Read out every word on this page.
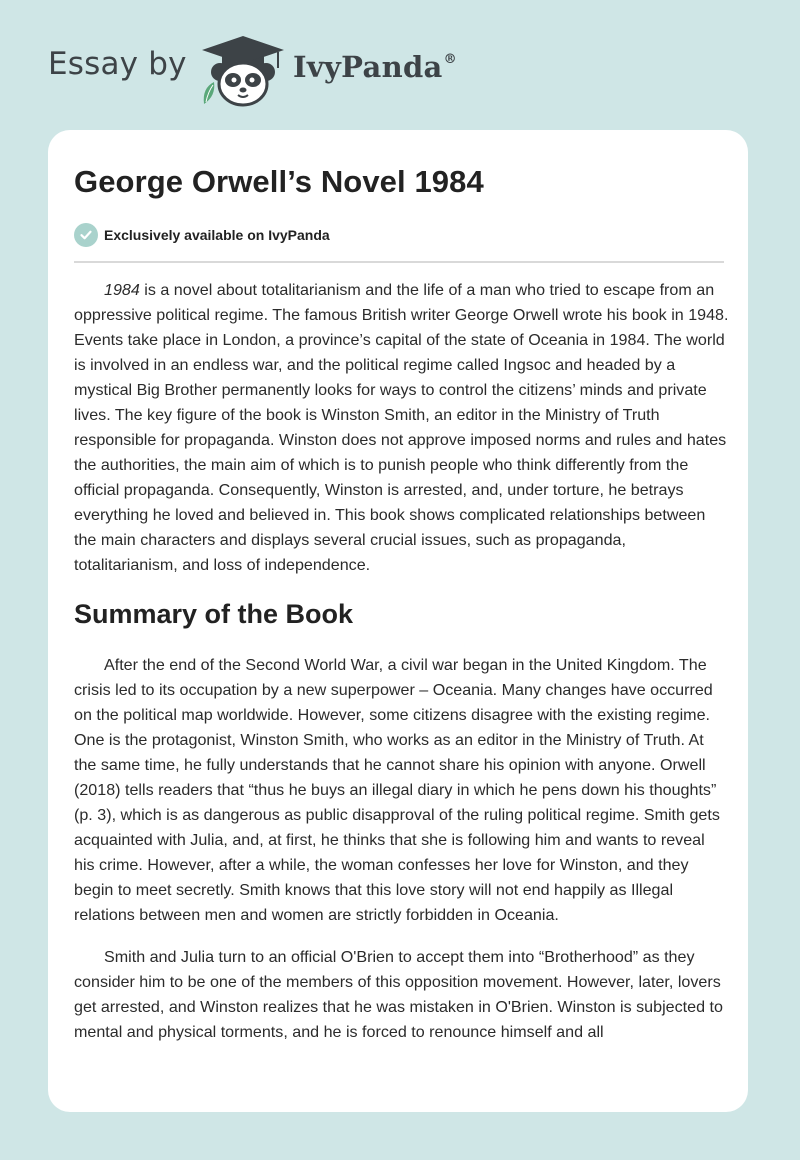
Essay by	IvyPanda®
George Orwell’s Novel 1984
Exclusively available on IvyPanda

1984 is a novel about totalitarianism and the life of a man who tried to escape from an oppressive political regime. The famous British writer George Orwell wrote his book in 1948. Events take place in London, a province’s capital of the state of Oceania in 1984. The world is involved in an endless war, and the political regime called Ingsoc and headed by a mystical Big Brother permanently looks for ways to control the citizens’ minds and private lives. The key figure of the book is Winston Smith, an editor in the Ministry of Truth responsible for propaganda. Winston does not approve imposed norms and rules and hates the authorities, the main aim of which is to punish people who think differently from the official propaganda. Consequently, Winston is arrested, and, under torture, he betrays everything he loved and believed in. This book shows complicated relationships between the main characters and displays several crucial issues, such as propaganda, totalitarianism, and loss of independence.

Summary of the Book

After the end of the Second World War, a civil war began in the United Kingdom. The crisis led to its occupation by a new superpower – Oceania. Many changes have occurred on the political map worldwide. However, some citizens disagree with the existing regime. One is the protagonist, Winston Smith, who works as an editor in the Ministry of Truth. At the same time, he fully understands that he cannot share his opinion with anyone. Orwell (2018) tells readers that “thus he buys an illegal diary in which he pens down his thoughts” (p. 3), which is as dangerous as public disapproval of the ruling political regime. Smith gets acquainted with Julia, and, at first, he thinks that she is following him and wants to reveal his crime. However, after a while, the woman confesses her love for Winston, and they begin to meet secretly. Smith knows that this love story will not end happily as Illegal relations between men and women are strictly forbidden in Oceania.

Smith and Julia turn to an official O'Brien to accept them into “Brotherhood” as they consider him to be one of the members of this opposition movement. However, later, lovers get arrested, and Winston realizes that he was mistaken in O'Brien. Winston is subjected to mental and physical torments, and he is forced to renounce himself and all
